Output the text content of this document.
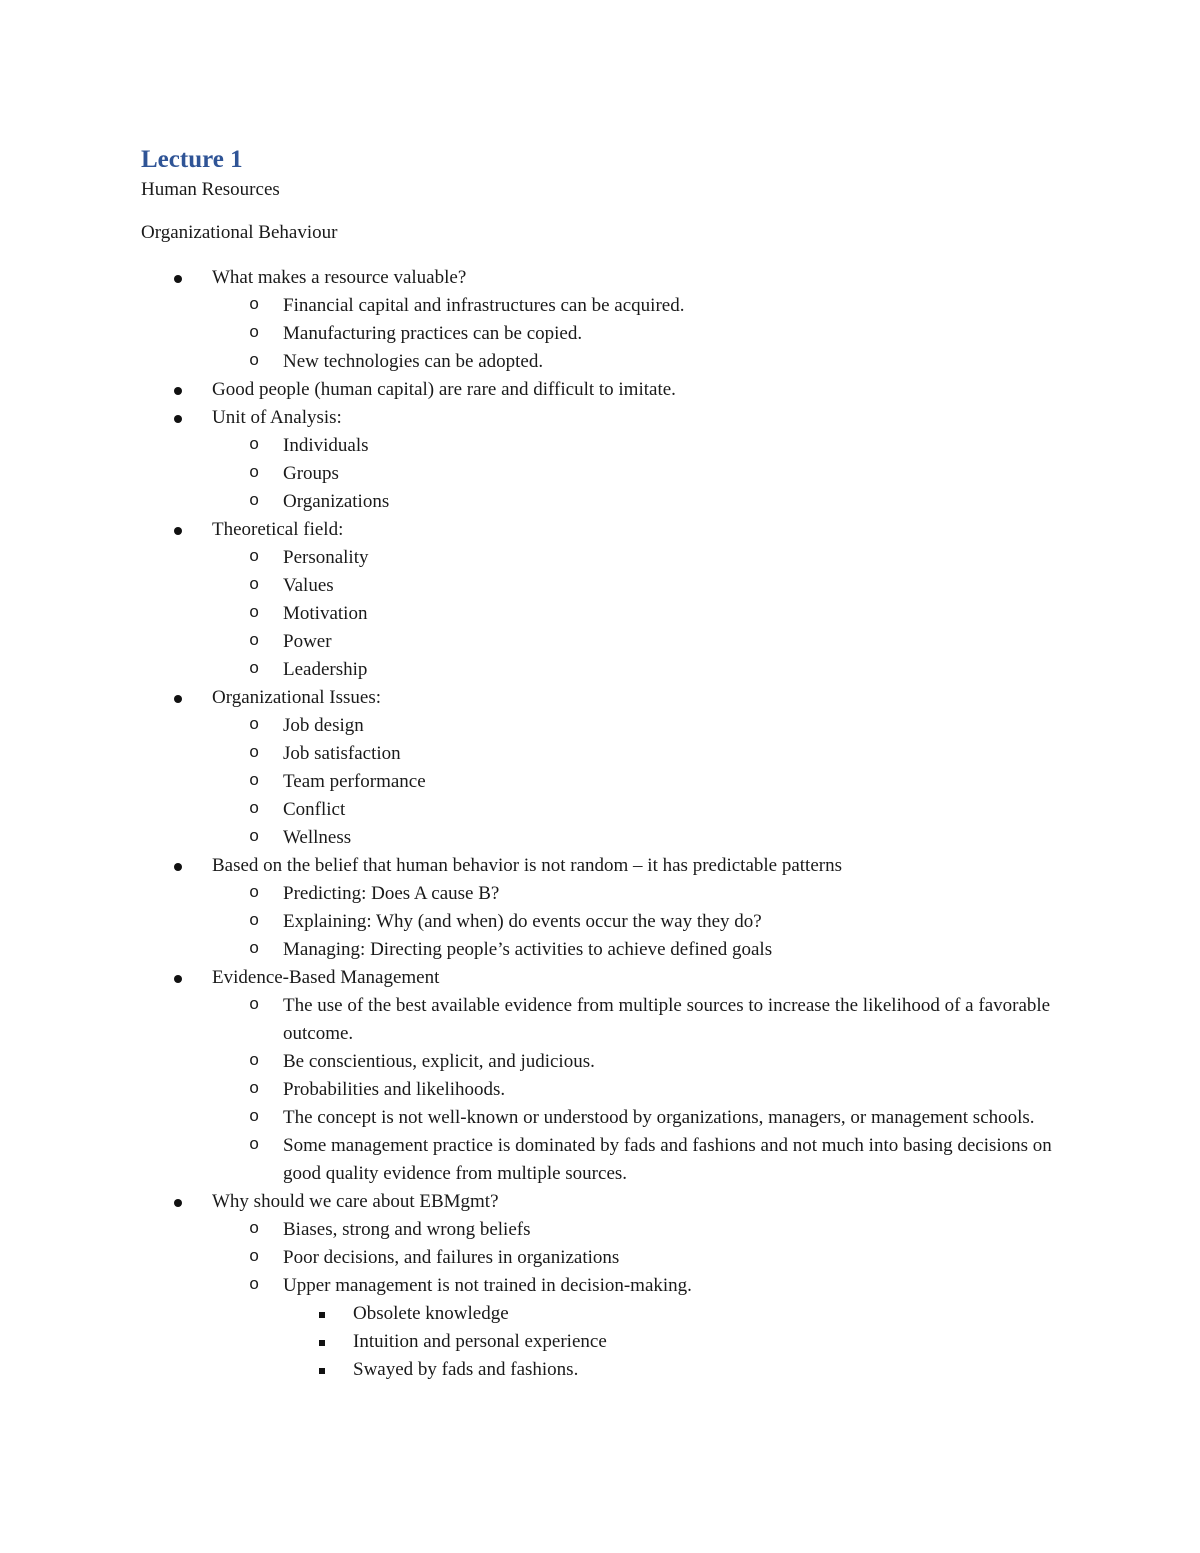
Lecture 1

Human Resources

Organizational Behaviour

What makes a resource valuable?
o Financial capital and infrastructures can be acquired.
o Manufacturing practices can be copied.
o New technologies can be adopted.
Good people (human capital) are rare and difficult to imitate.
Unit of Analysis:
o Individuals
o Groups
o Organizations
Theoretical field:
o Personality
o Values
o Motivation
o Power
o Leadership
Organizational Issues:
o Job design
o Job satisfaction
o Team performance
o Conflict
o Wellness
Based on the belief that human behavior is not random – it has predictable patterns
o Predicting: Does A cause B?
o Explaining: Why (and when) do events occur the way they do?
o Managing: Directing people’s activities to achieve defined goals
Evidence-Based Management
o The use of the best available evidence from multiple sources to increase the likelihood of a favorable outcome.
o Be conscientious, explicit, and judicious.
o Probabilities and likelihoods.
o The concept is not well-known or understood by organizations, managers, or management schools.
o Some management practice is dominated by fads and fashions and not much into basing decisions on good quality evidence from multiple sources.
Why should we care about EBMgmt?
o Biases, strong and wrong beliefs
o Poor decisions, and failures in organizations
o Upper management is not trained in decision-making.
Obsolete knowledge
Intuition and personal experience
Swayed by fads and fashions.
